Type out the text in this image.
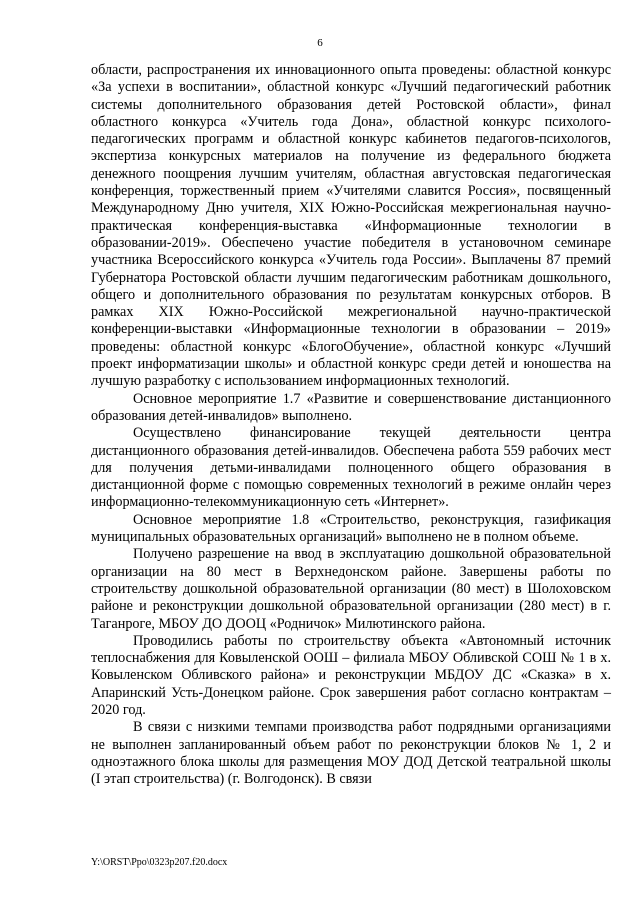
6

области, распространения их инновационного опыта проведены: областной конкурс «За успехи в воспитании», областной конкурс «Лучший педагогический работник системы дополнительного образования детей Ростовской области», финал областного конкурса «Учитель года Дона», областной конкурс психолого-педагогических программ и областной конкурс кабинетов педагогов-психологов, экспертиза конкурсных материалов на получение из федерального бюджета денежного поощрения лучшим учителям, областная августовская педагогическая конференция, торжественный прием «Учителями славится Россия», посвященный Международному Дню учителя, XIX Южно-Российская межрегиональная научно-практическая конференция-выставка «Информационные технологии в образовании-2019». Обеспечено участие победителя в установочном семинаре участника Всероссийского конкурса «Учитель года России». Выплачены 87 премий Губернатора Ростовской области лучшим педагогическим работникам дошкольного, общего и дополнительного образования по результатам конкурсных отборов. В рамках XIX Южно-Российской межрегиональной научно-практической конференции-выставки «Информационные технологии в образовании – 2019» проведены: областной конкурс «БлогоОбучение», областной конкурс «Лучший проект информатизации школы» и областной конкурс среди детей и юношества на лучшую разработку с использованием информационных технологий.

Основное мероприятие 1.7 «Развитие и совершенствование дистанционного образования детей-инвалидов» выполнено.

Осуществлено финансирование текущей деятельности центра дистанционного образования детей-инвалидов. Обеспечена работа 559 рабочих мест для получения детьми-инвалидами полноценного общего образования в дистанционной форме с помощью современных технологий в режиме онлайн через информационно-телекоммуникационную сеть «Интернет».

Основное мероприятие 1.8 «Строительство, реконструкция, газификация муниципальных образовательных организаций» выполнено не в полном объеме.

Получено разрешение на ввод в эксплуатацию дошкольной образовательной организации на 80 мест в Верхнедонском районе. Завершены работы по строительству дошкольной образовательной организации (80 мест) в Шолоховском районе и реконструкции дошкольной образовательной организации (280 мест) в г. Таганроге, МБОУ ДО ДООЦ «Родничок» Милютинского района.

Проводились работы по строительству объекта «Автономный источник теплоснабжения для Ковыленской ООШ – филиала МБОУ Обливской СОШ № 1 в х. Ковыленском Обливского района» и реконструкции МБДОУ ДС «Сказка» в х. Апаринский Усть-Донецком районе. Срок завершения работ согласно контрактам – 2020 год.

В связи с низкими темпами производства работ подрядными организациями не выполнен запланированный объем работ по реконструкции блоков № 1, 2 и одноэтажного блока школы для размещения МОУ ДОД Детской театральной школы (I этап строительства) (г. Волгодонск). В связи

Y:\ORST\Ppo\0323p207.f20.docx
